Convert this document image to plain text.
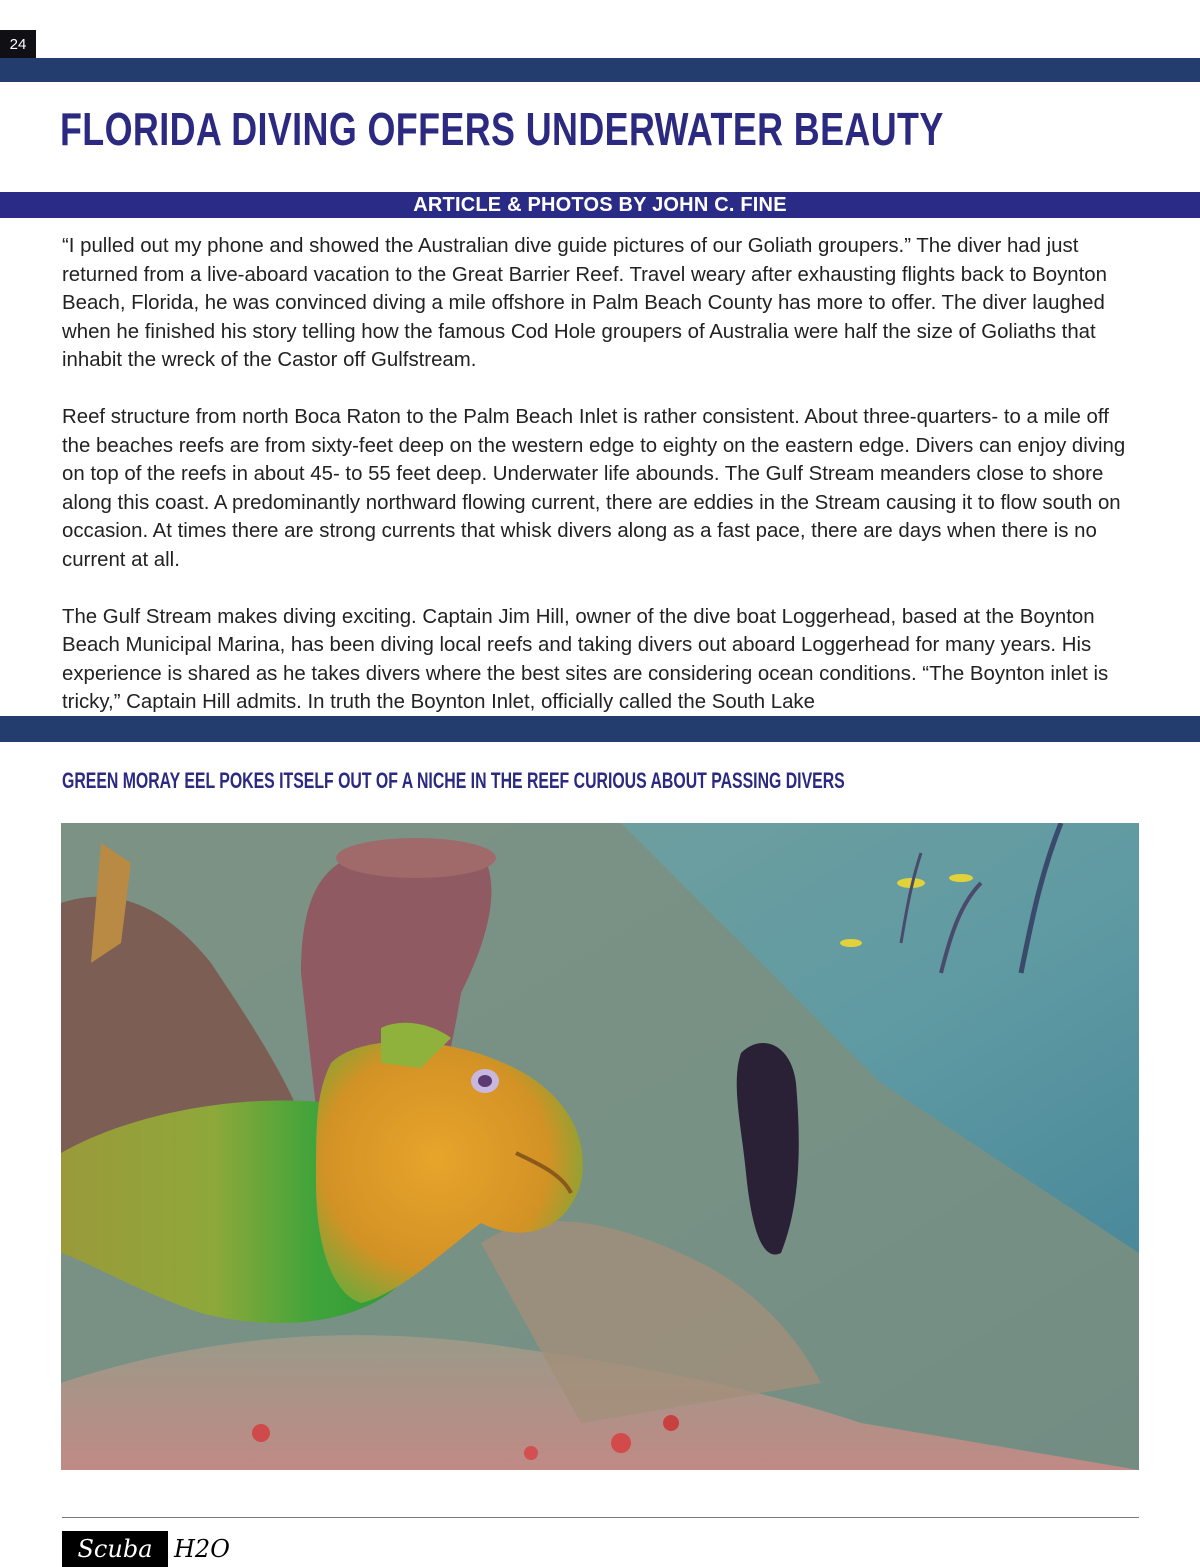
24
FLORIDA DIVING OFFERS UNDERWATER BEAUTY
ARTICLE & PHOTOS BY JOHN C. FINE

“I pulled out my phone and showed the Australian dive guide pictures of our Goliath groupers.” The diver had just returned from a live-aboard vacation to the Great Barrier Reef. Travel weary after exhausting flights back to Boynton Beach, Florida, he was convinced diving a mile offshore in Palm Beach County has more to offer. The diver laughed when he finished his story telling how the famous Cod Hole groupers of Australia were half the size of Goliaths that inhabit the wreck of the Castor off Gulfstream.

Reef structure from north Boca Raton to the Palm Beach Inlet is rather consistent. About three-quarters- to a mile off the beaches reefs are from sixty-feet deep on the western edge to eighty on the eastern edge. Divers can enjoy diving on top of the reefs in about 45- to 55 feet deep. Underwater life abounds. The Gulf Stream meanders close to shore along this coast. A predominantly northward flowing current, there are eddies in the Stream causing it to flow south on occasion. At times there are strong currents that whisk divers along as a fast pace, there are days when there is no current at all.

The Gulf Stream makes diving exciting. Captain Jim Hill, owner of the dive boat Loggerhead, based at the Boynton Beach Municipal Marina, has been diving local reefs and taking divers out aboard Loggerhead for many years. His experience is shared as he takes divers where the best sites are considering ocean conditions. “The Boynton inlet is tricky,” Captain Hill admits. In truth the Boynton Inlet, officially called the South Lake

GREEN MORAY EEL POKES ITSELF OUT OF A NICHE IN THE REEF CURIOUS ABOUT PASSING DIVERS
Scuba H2O
